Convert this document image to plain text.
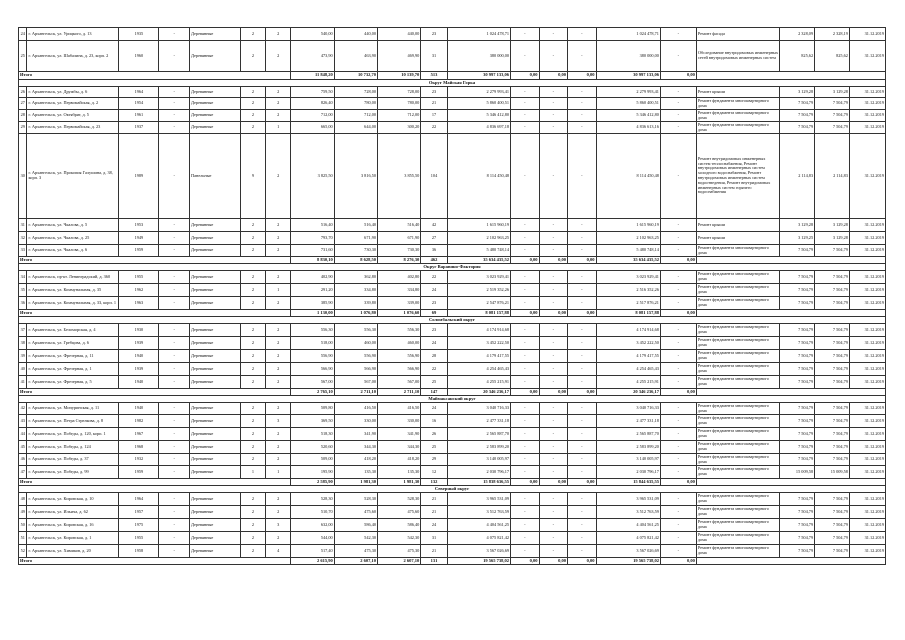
24	г. Архангельск, ул. Урицкого, д. 13	1935	-	Деревянные	2	2	540,00	440,00	440,00	23	1 024 478,71	-	-	-	1 024 478,71	-	Ремонт фасада	2 328,09	2 328,19	31.12.2019
25	г. Архангельск, ул. Шабалина, д. 23, корп. 2	1960	-	Деревянные	2	2	473,90	463,90	469,90	31	380 000,00	-	-	-	380 000,00	-	Обследование внутридомовых инженерных сетей внутридомовых инженерных систем	825,62	825,62	31.12.2019
Итого							11 848,20	10 732,70	10 139,70	513	30 997 133,06	0,00	0,00	0,00	30 997 133,06	0,00				
Округ Майская Горка																				
26	г. Архангельск, ул. Дружбы, д. 6	1964	-	Деревянные	2	2	759,50	728,00	728,00	23	2 279 993,41	-	-	-	2 279 993,41	-	Ремонт крыши	3 129,28	3 129,28	31.12.2019
27	г. Архангельск, ул. Первомайская, д. 2	1954	-	Деревянные	2	2	826,40	780,00	780,00	21	5 860 400,51	-	-	-	5 860 400,51	-	Ремонт фундамента многоквартирного дома	7 504,79	7 504,79	31.12.2019
28	г. Архангельск, ул. Октябрят, д. 5	1961	-	Деревянные	2	2	712,00	712,00	712,00	17	5 346 412,80	-	-	-	5 346 412,80	-	Ремонт фундамента многоквартирного дома	7 504,79	7 504,79	31.12.2019
29	г. Архангельск, ул. Первомайская, д. 23	1937	-	Деревянные	2	1	665,00	644,00	300,20	22	4 836 697,18	-	-	-	4 836 613,16	-	Ремонт фундамента многоквартирного дома	7 504,79	7 504,79	31.12.2019
30	г. Архангельск, ул. Прокопия Галушина, д. 38, корп. 3	1989	-	Панельные	9	2	3 825,50	3 816,50	3 855,50	104	8 114 450,48	-	-	-	8 114 450,48	-	Ремонт внутридомовых инженерных систем теплоснабжения, Ремонт внутридомовых инженерных систем холодного водоснабжения, Ремонт внутридомовых инженерных систем водоотведения, Ремонт внутридомовых инженерных систем горячего водоснабжения	2 114,83	2 114,83	31.12.2019
31	г. Архангельск, ул. Чкалова, д. 5	1953	-	Деревянные	2	2	516,40	516,40	516,40	42	1 615 960,19	-	-	-	1 615 960,19	-	Ремонт крыши	3 129,28	3 129,28	31.12.2019
32	г. Архангельск, ул. Чкалова, д. 25	1949	-	Деревянные	2	2	793,70	671,90	671,90	27	2 102 963,25	-	-	-	2 102 963,25	-	Ремонт крыши	3 129,25	3 129,28	31.12.2019
33	г. Архангельск, ул. Чкалова, д. 6	1959	-	Деревянные	2	2	731,60	730,30	730,30	36	5 480 748,14	-	-	-	5 480 748,14	-	Ремонт фундамента многоквартирного дома	7 504,79	7 504,79	31.12.2019
Итого							8 830,10	8 628,50	8 276,30	462	35 634 435,52	0,00	0,00	0,00	35 634 435,52	0,00				
Округ Варавино-Фактория																				
34	г. Архангельск, пр-кт. Ленинградский, д. 360	1955	-	Деревянные	2	2	402,90	362,80	402,80	22	3 023 929,41	-	-	-	3 023 929,41	-	Ремонт фундамента многоквартирного дома	7 504,79	7 504,79	31.12.2019
35	г. Архангельск, ул. Коммунальная, д. 35	1962	-	Деревянные	2	1	291,20	334,80	334,80	24	2 519 352,26	-	-	-	2 516 352,26	-	Ремонт фундамента многоквартирного дома	7 504,79	7 504,79	31.12.2019
36	г. Архангельск, ул. Коммунальная, д. 33, корп. 1	1963	-	Деревянные	2	2	385,90	339,80	339,00	23	2 547 876,21	-	-	-	2 517 876,21	-	Ремонт фундамента многоквартирного дома	7 504,79	7 504,79	31.12.2019
Итого							1 130,00	1 076,80	1 076,60	69	8 081 157,88	0,00	0,00	0,00	8 081 157,88	0,00				
Соломбальский округ																				
37	г. Архангельск, ул. Беломорская, д. 4	1930	-	Деревянные	2	2	556,30	556,30	556,30	23	4 174 914,68	-	-	-	4 174 914,68	-	Ремонт фундамента многоквартирного дома	7 504,79	7 504,79	31.12.2019
38	г. Архангельск, ул. Гребцова, д. 6	1939	-	Деревянные	2	2	518,00	460,00	460,00	24	3 452 222,50	-	-	-	3 452 222,50	-	Ремонт фундамента многоквартирного дома	7 504,79	7 504,79	31.12.2019
39	г. Архангельск, ул. Фрезерная, д. 11	1940	-	Деревянные	2	2	556,90	556,90	556,90	28	4 179 417,55	-	-	-	4 179 417,55	-	Ремонт фундамента многоквартирного дома	7 504,79	7 504,79	31.12.2019
40	г. Архангельск, ул. Фрезерная, д. 1	1939	-	Деревянные	2	2	566,90	566,90	566,90	22	4 254 465,43	-	-	-	4 254 465,43	-	Ремонт фундамента многоквартирного дома	7 504,79	7 504,79	31.12.2019
41	г. Архангельск, ул. Фрезерная, д. 5	1940	-	Деревянные	2	2	567,00	567,00	567,00	25	4 255 215,91	-	-	-	4 255 215,91	-	Ремонт фундамента многоквартирного дома	7 504,79	7 504,79	31.12.2019
Итого							2 765,10	2 711,10	2 711,10	147	20 346 236,17	0,00	0,00	0,00	20 346 236,17	0,00				
Маймаксанский округ																				
42	г. Архангельск, ул. Мичуринская, д. 11	1940	-	Деревянные	2	2	509,80	416,50	416,50	24	3 040 716,33	-	-	-	3 040 716,33	-	Ремонт фундамента многоквартирного дома	7 504,79	7 504,79	31.12.2019
43	г. Архангельск, ул. Петра Стрелкова, д. 8	1982	-	Деревянные	2	3	369,50	330,00	330,00	16	2 477 331,18	-	-	-	2 477 331,18	-	Ремонт фундамента многоквартирного дома	7 504,79	7 504,79	31.12.2019
44	г. Архангельск, ул. Победы, д. 120, корп. 1	1967	-	Деревянные	2	2	518,30	341,90	341,90	26	2 565 887,70	-	-	-	2 565 887,70	-	Ремонт фундамента многоквартирного дома	7 504,79	7 504,79	31.12.2019
45	г. Архангельск, ул. Победы, д. 124	1968	-	Деревянные	2	2	520,60	344,30	344,30	25	2 583 899,20	-	-	-	2 583 899,20	-	Ремонт фундамента многоквартирного дома	7 504,79	7 504,79	31.12.2019
46	г. Архангельск, ул. Победы, д. 37	1932	-	Деревянные	2	2	509,00	418,20	418,20	29	3 140 005,97	-	-	-	3 140 005,97	-	Ремонт фундамента многоквартирного дома	7 504,79	7 504,79	31.12.2019
47	г. Архангельск, ул. Победы, д. 99	1959	-	Деревянные	1	1	195,90	135,30	135,30	12	2 030 796,17	-	-	-	2 030 796,17	-	Ремонт фундамента многоквартирного дома	15 009,58	15 009,58	31.12.2019
Итого							2 585,90	1 981,30	1 981,30	132	15 838 636,55	0,00	0,00	0,00	15 844 635,55	0,00				
Северный округ																				
48	г. Архангельск, ул. Кировская, д. 10	1964	-	Деревянные	2	2	528,30	528,30	528,30	21	3 965 531,09	-	-	-	3 965 531,09	-	Ремонт фундамента многоквартирного дома	7 504,79	7 504,79	31.12.2019
49	г. Архангельск, ул. Ильича, д. 62	1957	-	Деревянные	2	2	510,70	475,60	475,60	21	3 512 763,59	-	-	-	3 512 763,59	-	Ремонт фундамента многоквартирного дома	7 504,79	7 504,79	31.12.2019
50	г. Архангельск, ул. Кировская, д. 16	1975	-	Деревянные	2	3	632,00	586,40	586,40	24	4 404 561,25	-	-	-	4 404 561,25	-	Ремонт фундамента многоквартирного дома	7 504,79	7 504,79	31.12.2019
51	г. Архангельск, ул. Кировская, д. 1	1955	-	Деревянные	2	2	544,00	542,30	542,30	31	4 075 821,42	-	-	-	4 075 821,42	-	Ремонт фундамента многоквартирного дома	7 504,79	7 504,79	31.12.2019
52	г. Архангельск, ул. Химиков, д. 20	1958	-	Деревянные	2	4	517,40	475,30	475,30	21	3 567 026,69	-	-	-	3 567 026,69	-	Ремонт фундамента многоквартирного дома	7 504,79	7 504,79	31.12.2019
Итого							2 615,90	2 607,10	2 607,10	131	19 565 738,02	0,00	0,00	0,00	19 565 738,02	0,00				
